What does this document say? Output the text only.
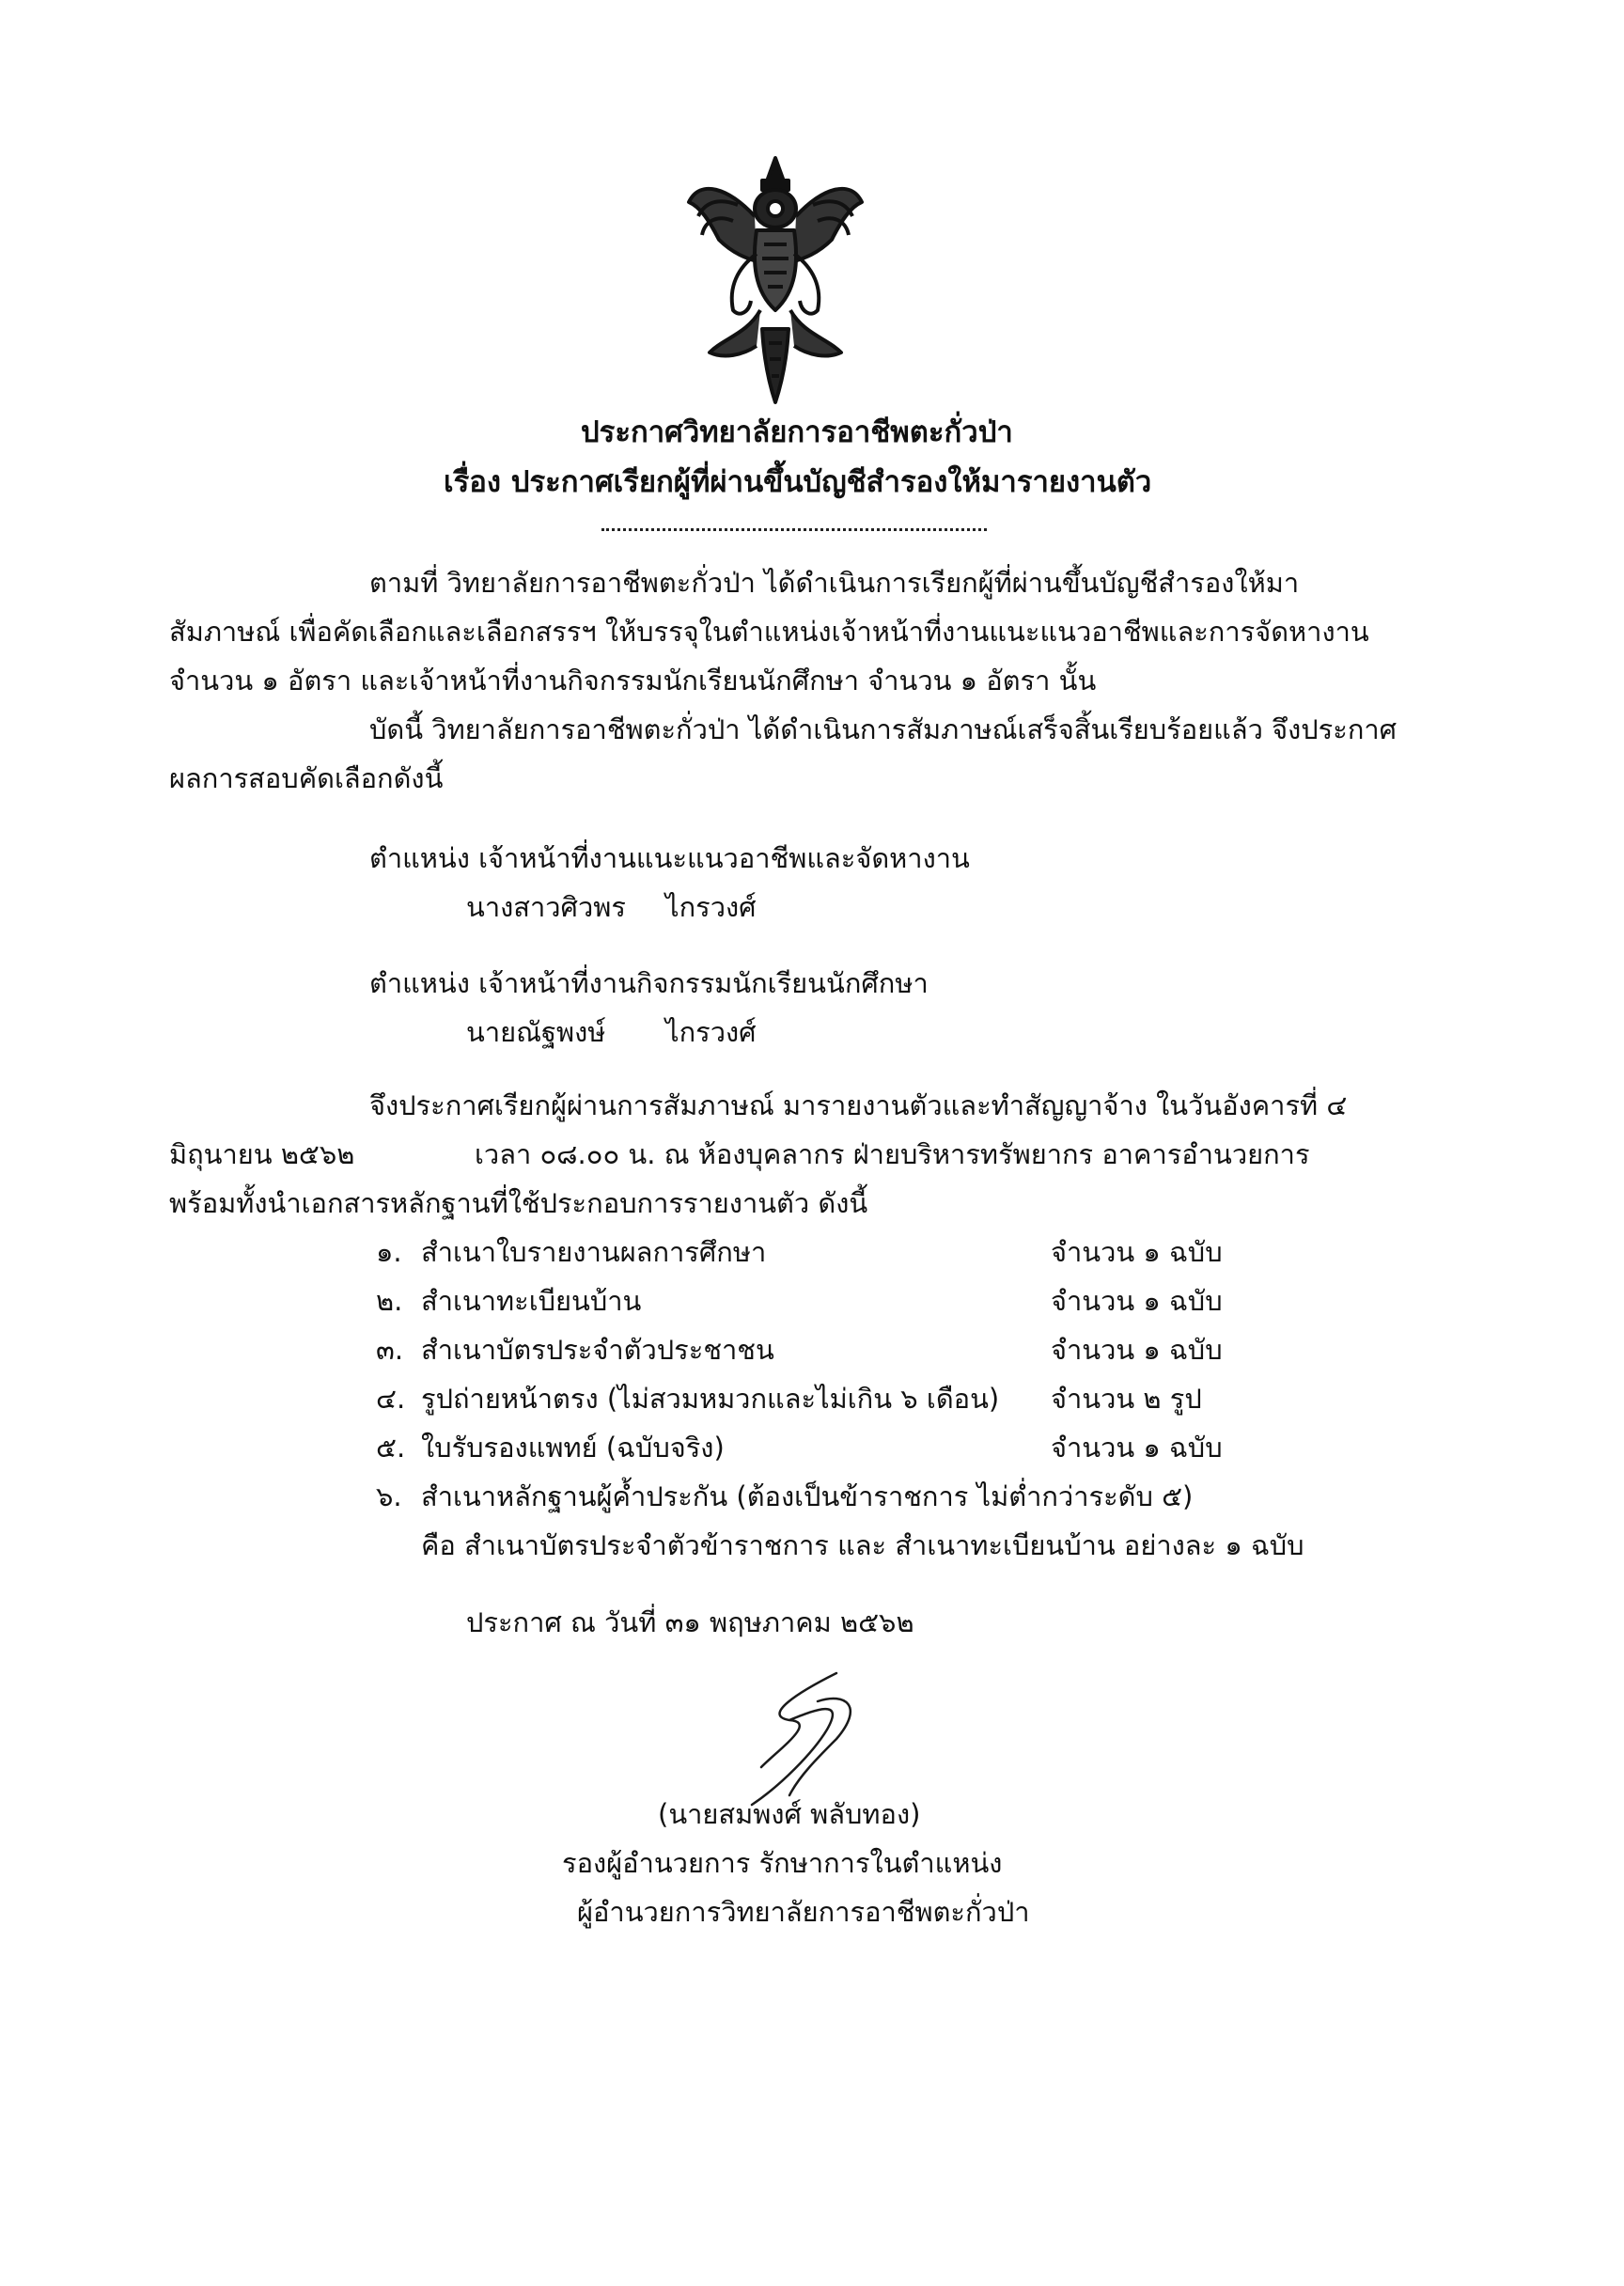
ประกาศวิทยาลัยการอาชีพตะกั่วป่า
เรื่อง ประกาศเรียกผู้ที่ผ่านขึ้นบัญชีสำรองให้มารายงานตัว
ตามที่ วิทยาลัยการอาชีพตะกั่วป่า ได้ดำเนินการเรียกผู้ที่ผ่านขึ้นบัญชีสำรองให้มา
สัมภาษณ์ เพื่อคัดเลือกและเลือกสรรฯ ให้บรรจุในตำแหน่งเจ้าหน้าที่งานแนะแนวอาชีพและการจัดหางาน
จำนวน ๑ อัตรา และเจ้าหน้าที่งานกิจกรรมนักเรียนนักศึกษา จำนวน ๑ อัตรา นั้น
บัดนี้ วิทยาลัยการอาชีพตะกั่วป่า ได้ดำเนินการสัมภาษณ์เสร็จสิ้นเรียบร้อยแล้ว จึงประกาศ
ผลการสอบคัดเลือกดังนี้
ตำแหน่ง เจ้าหน้าที่งานแนะแนวอาชีพและจัดหางาน
นางสาวศิวพร ไกรวงศ์
ตำแหน่ง เจ้าหน้าที่งานกิจกรรมนักเรียนนักศึกษา
นายณัฐพงษ์ ไกรวงศ์
จึงประกาศเรียกผู้ผ่านการสัมภาษณ์ มารายงานตัวและทำสัญญาจ้าง ในวันอังคารที่ ๔
มิถุนายน ๒๕๖๒	เวลา ๐๘.๐๐ น. ณ ห้องบุคลากร ฝ่ายบริหารทรัพยากร อาคารอำนวยการ
พร้อมทั้งนำเอกสารหลักฐานที่ใช้ประกอบการรายงานตัว ดังนี้
๑. สำเนาใบรายงานผลการศึกษา	จำนวน ๑ ฉบับ
๒. สำเนาทะเบียนบ้าน	จำนวน ๑ ฉบับ
๓. สำเนาบัตรประจำตัวประชาชน	จำนวน ๑ ฉบับ
๔. รูปถ่ายหน้าตรง (ไม่สวมหมวกและไม่เกิน ๖ เดือน) จำนวน ๒ รูป
๕. ใบรับรองแพทย์ (ฉบับจริง)	จำนวน ๑ ฉบับ
๖. สำเนาหลักฐานผู้ค้ำประกัน (ต้องเป็นข้าราชการ ไม่ต่ำกว่าระดับ ๕)
คือ สำเนาบัตรประจำตัวข้าราชการ และ สำเนาทะเบียนบ้าน อย่างละ ๑ ฉบับ
ประกาศ ณ วันที่ ๓๑ พฤษภาคม ๒๕๖๒
(นายสมพงศ์ พลับทอง)
รองผู้อำนวยการ รักษาการในตำแหน่ง
ผู้อำนวยการวิทยาลัยการอาชีพตะกั่วป่า
